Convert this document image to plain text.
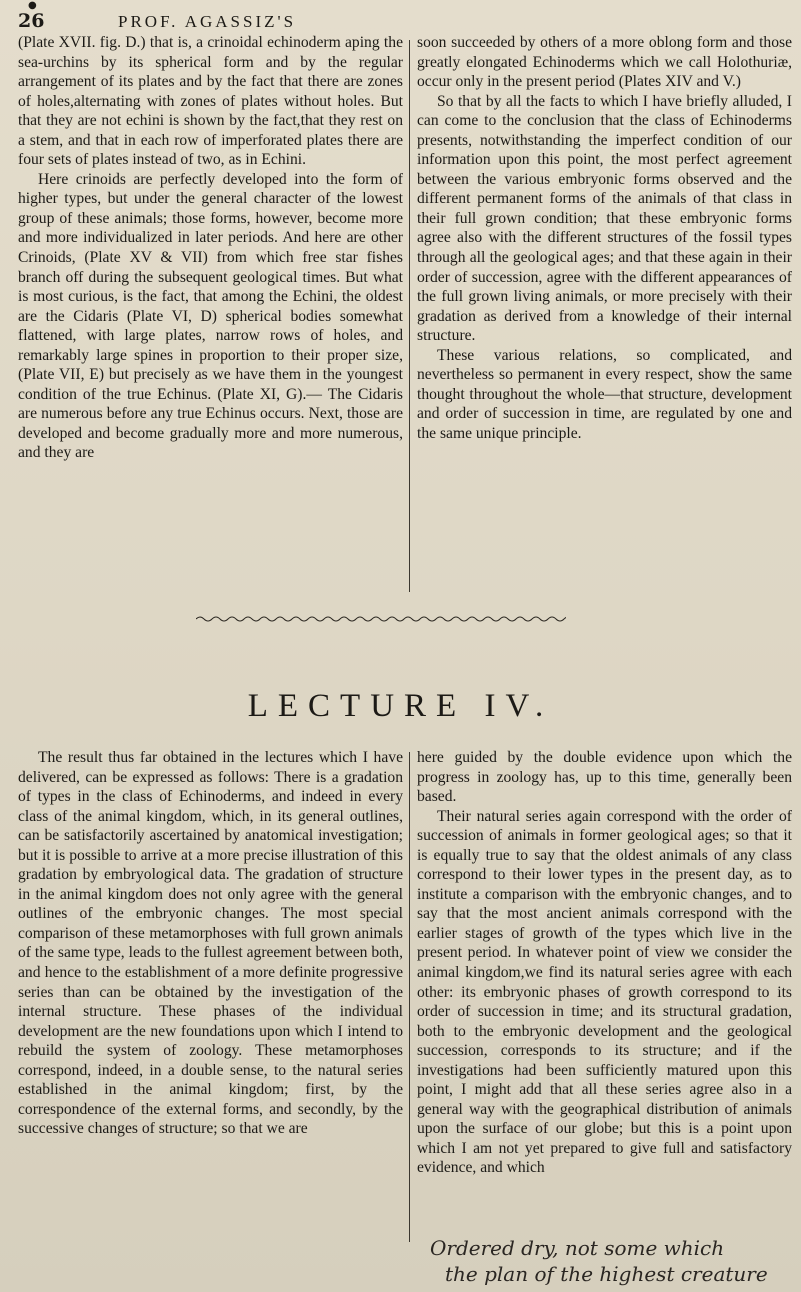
●
26	PROF. AGASSIZ'S

(Plate XVII. fig. D.) that is, a crinoidal echinoderm aping the sea-urchins by its spherical form and by the regular arrangement of its plates and by the fact that there are zones of holes,alternating with zones of plates without holes. But that they are not echini is shown by the fact,that they rest on a stem, and that in each row of imperforated plates there are four sets of plates instead of two, as in Echini.

Here crinoids are perfectly developed into the form of higher types, but under the general character of the lowest group of these animals; those forms, however, become more and more individualized in later periods. And here are other Crinoids, (Plate XV & VII) from which free star fishes branch off during the subsequent geological times. But what is most curious, is the fact, that among the Echini, the oldest are the Cidaris (Plate VI, D) spherical bodies somewhat flattened, with large plates, narrow rows of holes, and remarkably large spines in proportion to their proper size, (Plate VII, E) but precisely as we have them in the youngest condition of the true Echinus. (Plate XI, G).— The Cidaris are numerous before any true Echinus occurs. Next, those are developed and become gradually more and more numerous, and they are

soon succeeded by others of a more oblong form and those greatly elongated Echinoderms which we call Holothuriæ, occur only in the present period (Plates XIV and V.)

So that by all the facts to which I have briefly alluded, I can come to the conclusion that the class of Echinoderms presents, notwithstanding the imperfect condition of our information upon this point, the most perfect agreement between the various embryonic forms observed and the different permanent forms of the animals of that class in their full grown condition; that these embryonic forms agree also with the different structures of the fossil types through all the geological ages; and that these again in their order of succession, agree with the different appearances of the full grown living animals, or more precisely with their gradation as derived from a knowledge of their internal structure.

These various relations, so complicated, and nevertheless so permanent in every respect, show the same thought throughout the whole—that structure, development and order of succession in time, are regulated by one and the same unique principle.

LECTURE IV.

The result thus far obtained in the lectures which I have delivered, can be expressed as follows: There is a gradation of types in the class of Echinoderms, and indeed in every class of the animal kingdom, which, in its general outlines, can be satisfactorily ascertained by anatomical investigation; but it is possible to arrive at a more precise illustration of this gradation by embryological data. The gradation of structure in the animal kingdom does not only agree with the general outlines of the embryonic changes. The most special comparison of these metamorphoses with full grown animals of the same type, leads to the fullest agreement between both, and hence to the establishment of a more definite progressive series than can be obtained by the investigation of the internal structure. These phases of the individual development are the new foundations upon which I intend to rebuild the system of zoology. These metamorphoses correspond, indeed, in a double sense, to the natural series established in the animal kingdom; first, by the correspondence of the external forms, and secondly, by the successive changes of structure; so that we are

here guided by the double evidence upon which the progress in zoology has, up to this time, generally been based.

Their natural series again correspond with the order of succession of animals in former geological ages; so that it is equally true to say that the oldest animals of any class correspond to their lower types in the present day, as to institute a comparison with the embryonic changes, and to say that the most ancient animals correspond with the earlier stages of growth of the types which live in the present period. In whatever point of view we consider the animal kingdom,we find its natural series agree with each other: its embryonic phases of growth correspond to its order of succession in time; and its structural gradation, both to the embryonic development and the geological succession, corresponds to its structure; and if the investigations had been sufficiently matured upon this point, I might add that all these series agree also in a general way with the geographical distribution of animals upon the surface of our globe; but this is a point upon which I am not yet prepared to give full and satisfactory evidence, and which

Ordered dry, not some which
the plan of the highest creature
